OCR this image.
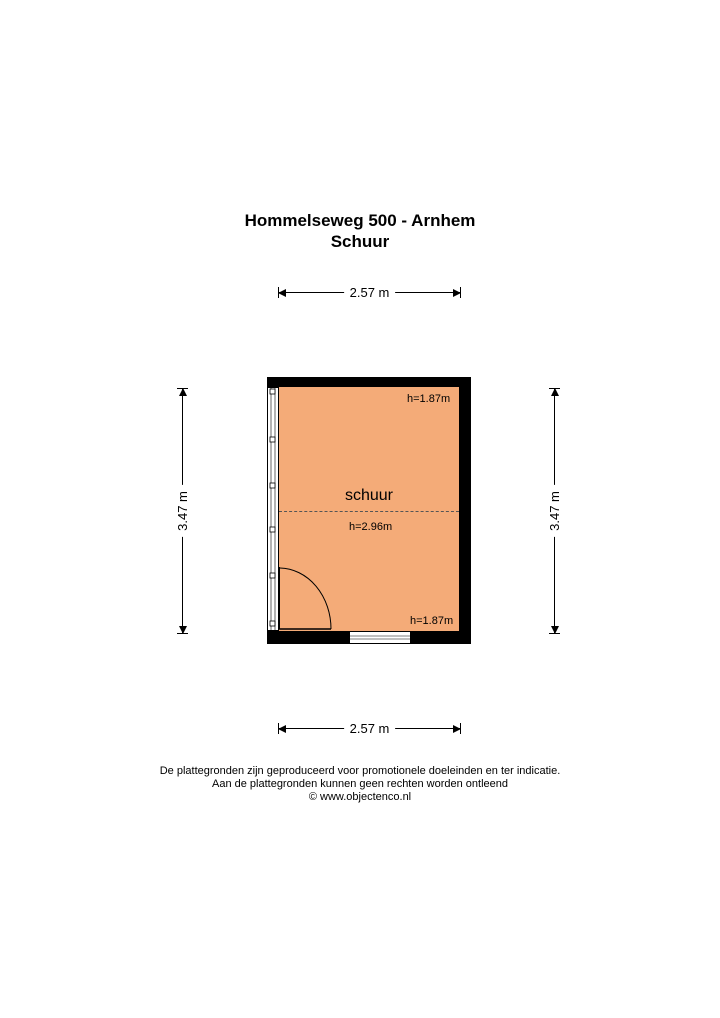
Hommelseweg 500 - Arnhem
Schuur
2.57 m
2.57 m
3.47 m	3.47 m
h=1.87m
schuur
h=2.96m
h=1.87m
De plattegronden zijn geproduceerd voor promotionele doeleinden en ter indicatie.
Aan de plattegronden kunnen geen rechten worden ontleend
© www.objectenco.nl
